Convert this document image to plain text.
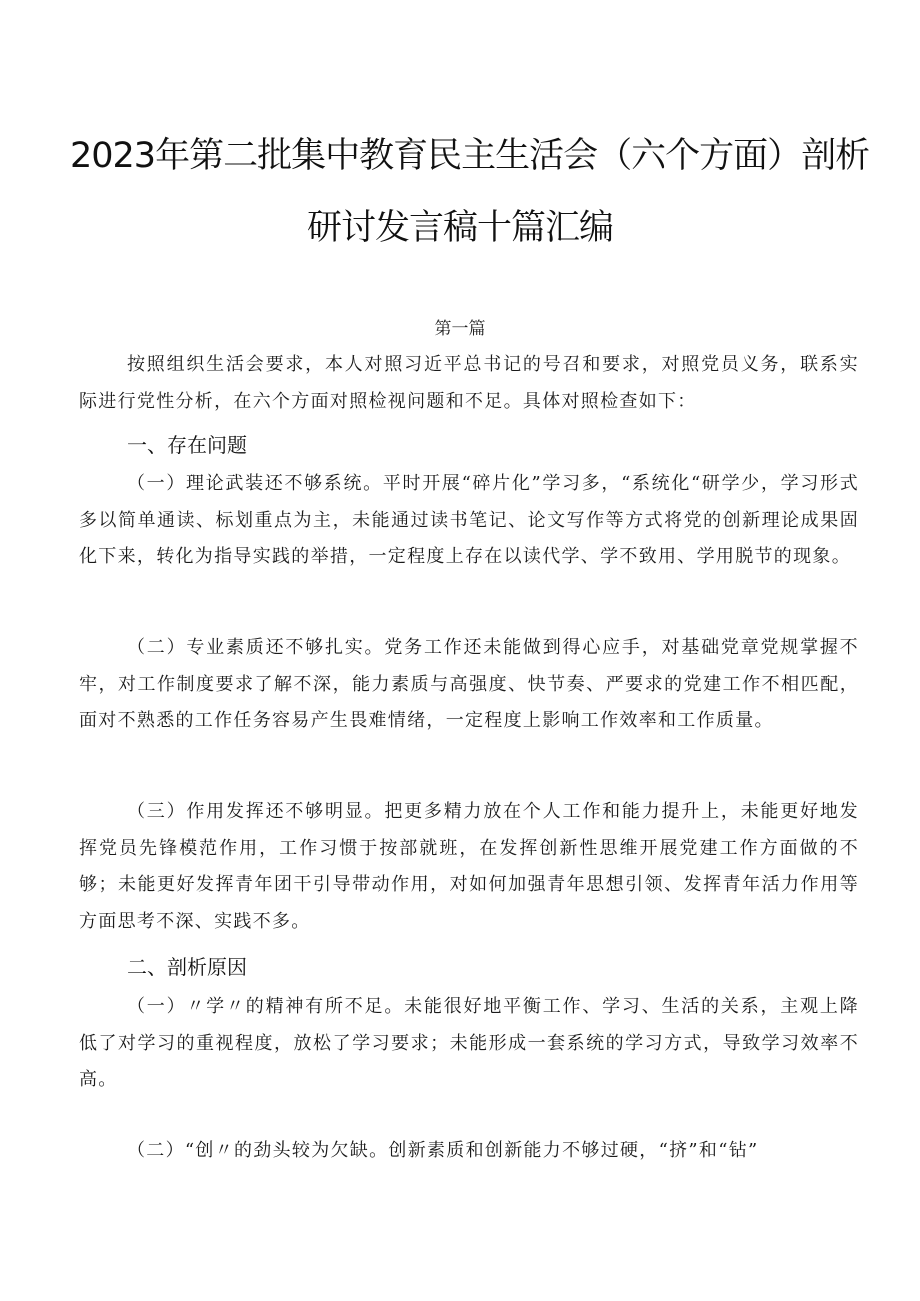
2023年第二批集中教育民主生活会（六个方面）剖析
研讨发言稿十篇汇编
第一篇

按照组织生活会要求，本人对照习近平总书记的号召和要求，对照党员义务，联系实际进行党性分析，在六个方面对照检视问题和不足。具体对照检查如下：

一、存在问题

（一）理论武装还不够系统。平时开展“碎片化”学习多，“系统化“研学少，学习形式多以简单通读、标划重点为主，未能通过读书笔记、论文写作等方式将党的创新理论成果固化下来，转化为指导实践的举措，一定程度上存在以读代学、学不致用、学用脱节的现象。

（二）专业素质还不够扎实。党务工作还未能做到得心应手，对基础党章党规掌握不牢，对工作制度要求了解不深，能力素质与高强度、快节奏、严要求的党建工作不相匹配，面对不熟悉的工作任务容易产生畏难情绪，一定程度上影响工作效率和工作质量。

（三）作用发挥还不够明显。把更多精力放在个人工作和能力提升上，未能更好地发挥党员先锋模范作用，工作习惯于按部就班，在发挥创新性思维开展党建工作方面做的不够；未能更好发挥青年团干引导带动作用，对如何加强青年思想引领、发挥青年活力作用等方面思考不深、实践不多。

二、剖析原因

（一）〃学〃的精神有所不足。未能很好地平衡工作、学习、生活的关系，主观上降低了对学习的重视程度，放松了学习要求；未能形成一套系统的学习方式，导致学习效率不高。

（二）“创〃的劲头较为欠缺。创新素质和创新能力不够过硬，“挤”和“钻”
